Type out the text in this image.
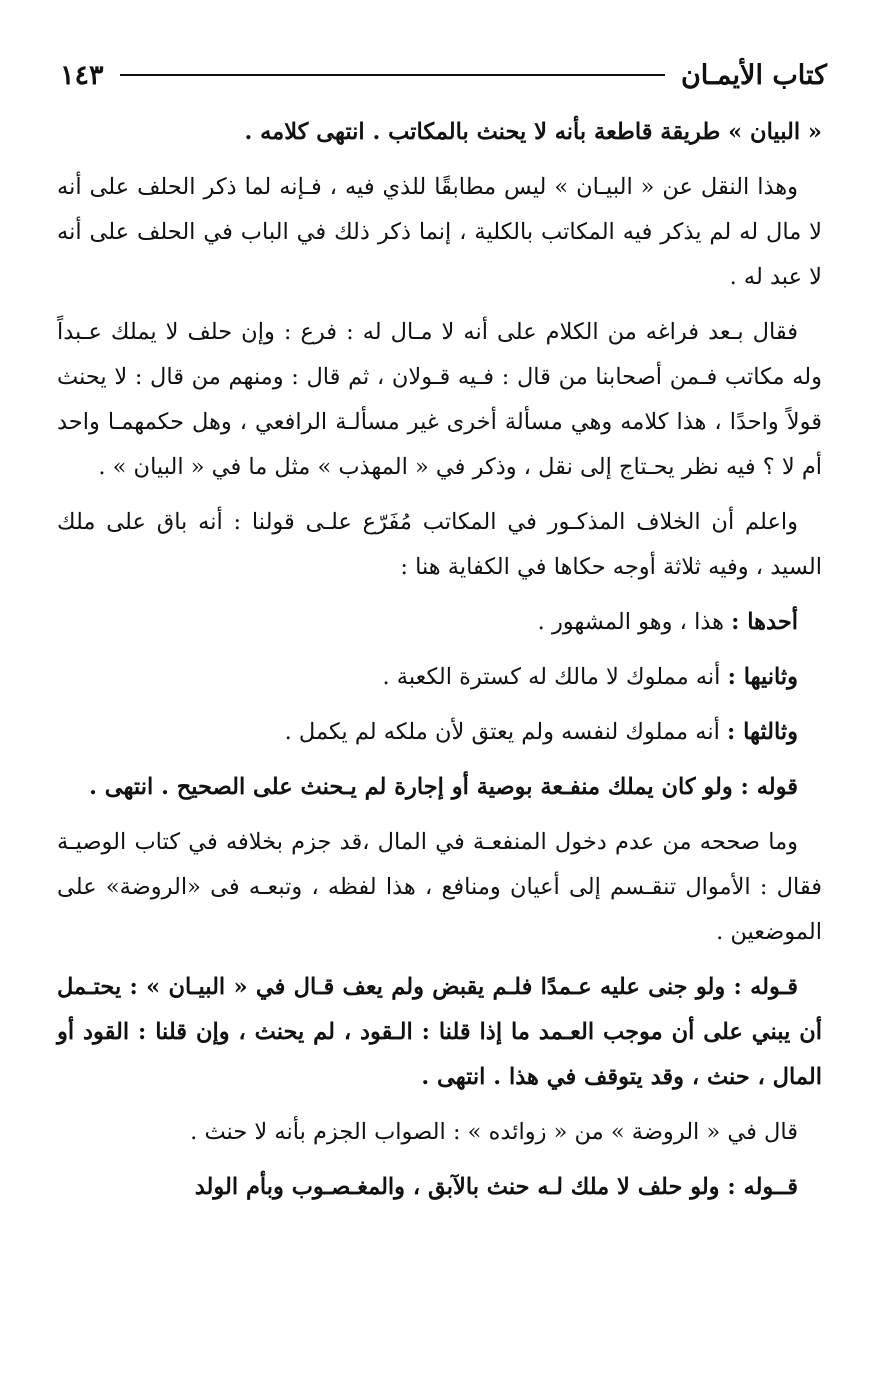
كتاب الأيمـان
١٤٣

« البيان » طريقة قاطعة بأنه لا يحنث بالمكاتب . انتهى كلامه .

وهذا النقل عن « البيـان » ليس مطابقًا للذي فيه ، فـإنه لما ذكر الحلف على أنه لا مال له لم يذكر فيه المكاتب بالكلية ، إنما ذكر ذلك في الباب في الحلف على أنه لا عبد له .

فقال بـعد فراغه من الكلام على أنه لا مـال له : فرع : وإن حلف لا يملك عـبداً وله مكاتب فـمن أصحابنا من قال : فـيه قـولان ، ثم قال : ومنهم من قال : لا يحنث قولاً واحدًا ، هذا كلامه وهي مسألة أخرى غير مسألـة الرافعي ، وهل حكمهمـا واحد أم لا ؟ فيه نظر يحـتاج إلى نقل ، وذكر في « المهذب » مثل ما في « البيان » .

واعلم أن الخلاف المذكـور في المكاتب مُفَرّع علـى قولنا : أنه باق على ملك السيد ، وفيه ثلاثة أوجه حكاها في الكفاية هنا :

أحدها : هذا ، وهو المشهور .

وثانيها : أنه مملوك لا مالك له كسترة الكعبة .

وثالثها : أنه مملوك لنفسه ولم يعتق لأن ملكه لم يكمل .

قوله : ولو كان يملك منفـعة بوصية أو إجارة لم يـحنث على الصحيح . انتهى .

وما صححه من عدم دخول المنفعـة في المال ،قد جزم بخلافه في كتاب الوصيـة فقال : الأموال تنقـسم إلى أعيان ومنافع ، هذا لفظه ، وتبعـه فى «الروضة» على الموضعين .

قـوله : ولو جنى عليه عـمدًا فلـم يقبض ولم يعف قـال في « البيـان » : يحتـمل أن يبني على أن موجب العـمد ما إذا قلنا : الـقود ، لم يحنث ، وإن قلنا : القود أو المال ، حنث ، وقد يتوقف في هذا . انتهى .

قال في « الروضة » من « زوائده » : الصواب الجزم بأنه لا حنث .

قــوله : ولو حلف لا ملك لـه حنث بالآبق ، والمغـصـوب وبأم الولد
